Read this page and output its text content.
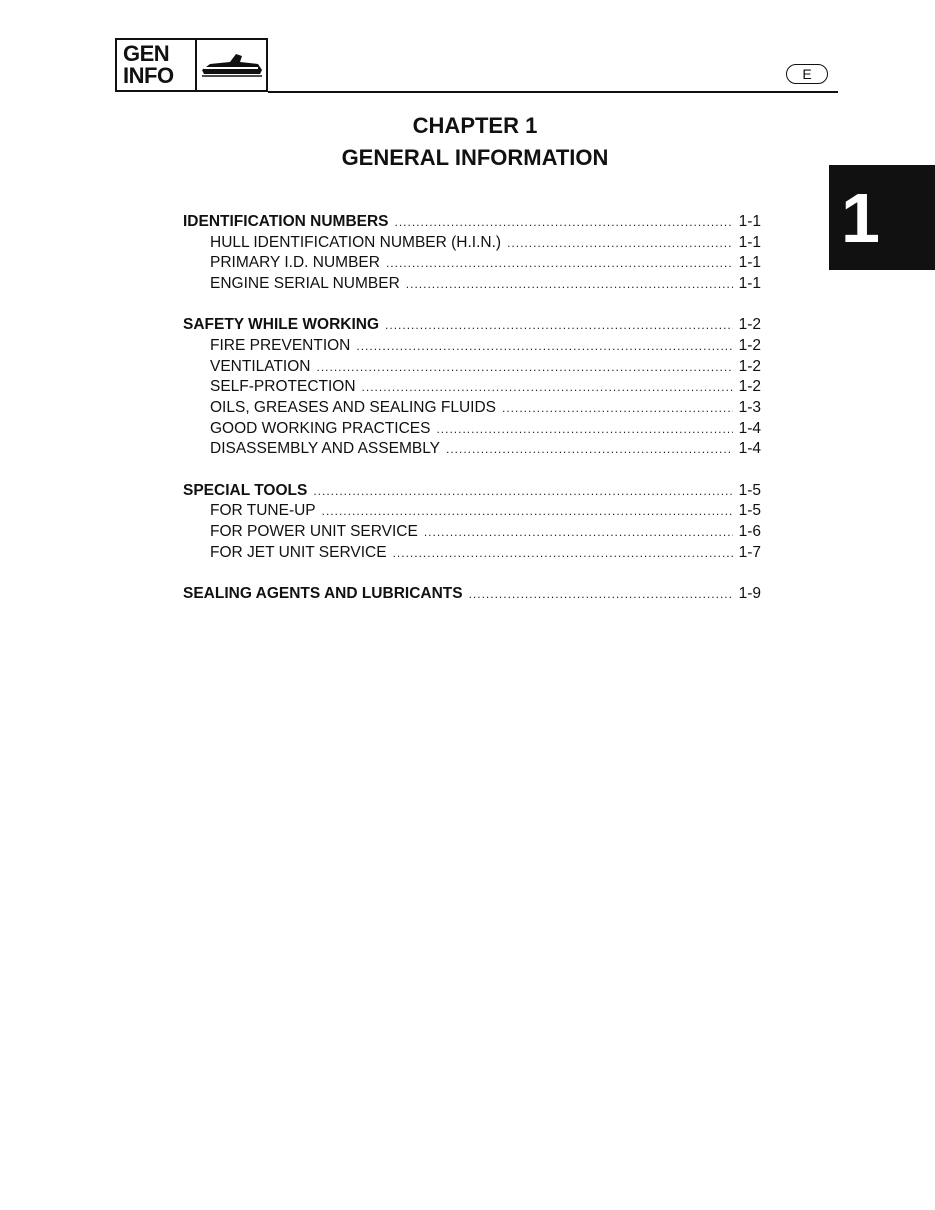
GEN
INFO	E
CHAPTER 1
GENERAL INFORMATION
1
IDENTIFICATION NUMBERS .....	1-1
HULL IDENTIFICATION NUMBER (H.I.N.) .....	1-1
PRIMARY I.D. NUMBER .....	1-1
ENGINE SERIAL NUMBER .....	1-1
SAFETY WHILE WORKING .....	1-2
FIRE PREVENTION .....	1-2
VENTILATION .....	1-2
SELF-PROTECTION .....	1-2
OILS, GREASES AND SEALING FLUIDS .....	1-3
GOOD WORKING PRACTICES .....	1-4
DISASSEMBLY AND ASSEMBLY .....	1-4
SPECIAL TOOLS .....	1-5
FOR TUNE-UP .....	1-5
FOR POWER UNIT SERVICE .....	1-6
FOR JET UNIT SERVICE .....	1-7
SEALING AGENTS AND LUBRICANTS .....	1-9
